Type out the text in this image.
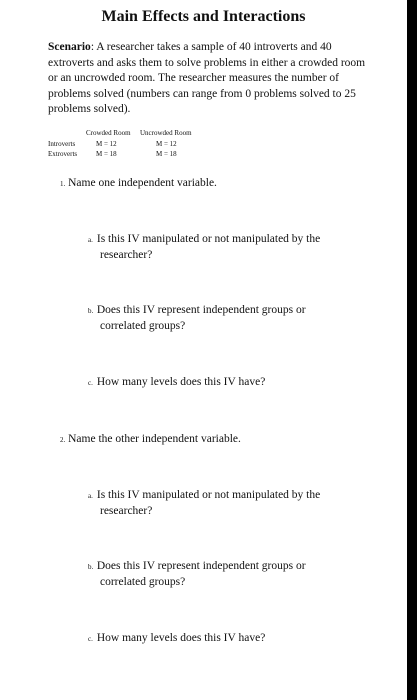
Main Effects and Interactions
Scenario: A researcher takes a sample of 40 introverts and 40 extroverts and asks them to solve problems in either a crowded room or an uncrowded room. The researcher measures the number of problems solved (numbers can range from 0 problems solved to 25 problems solved).
Crowded Room Uncrowded Room
Introverts
Extroverts
M = 12	M = 12
M = 18	M = 18
1. Name one independent variable.
a. Is this IV manipulated or not manipulated by the
researcher?
b. Does this IV represent independent groups or
correlated groups?
c. How many levels does this IV have?
2. Name the other independent variable.
a. Is this IV manipulated or not manipulated by the
researcher?
b. Does this IV represent independent groups or
correlated groups?
c. How many levels does this IV have?
